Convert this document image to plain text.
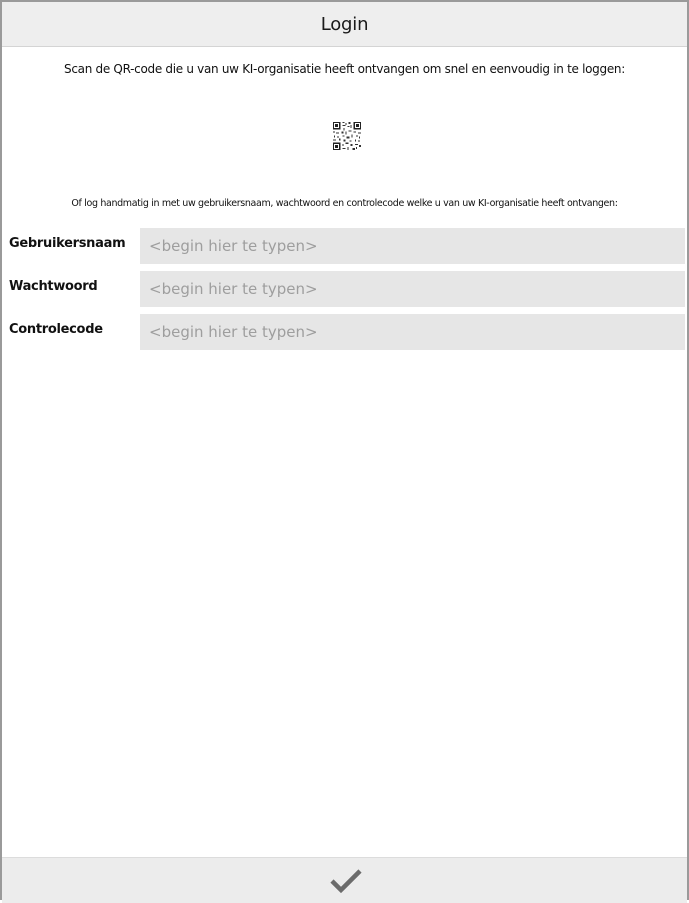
Login
Scan de QR-code die u van uw KI-organisatie heeft ontvangen om snel en eenvoudig in te loggen:
Of log handmatig in met uw gebruikersnaam, wachtwoord en controlecode welke u van uw KI-organisatie heeft ontvangen:
Gebruikersnaam
<begin hier te typen>
Wachtwoord
<begin hier te typen>
Controlecode
<begin hier te typen>
